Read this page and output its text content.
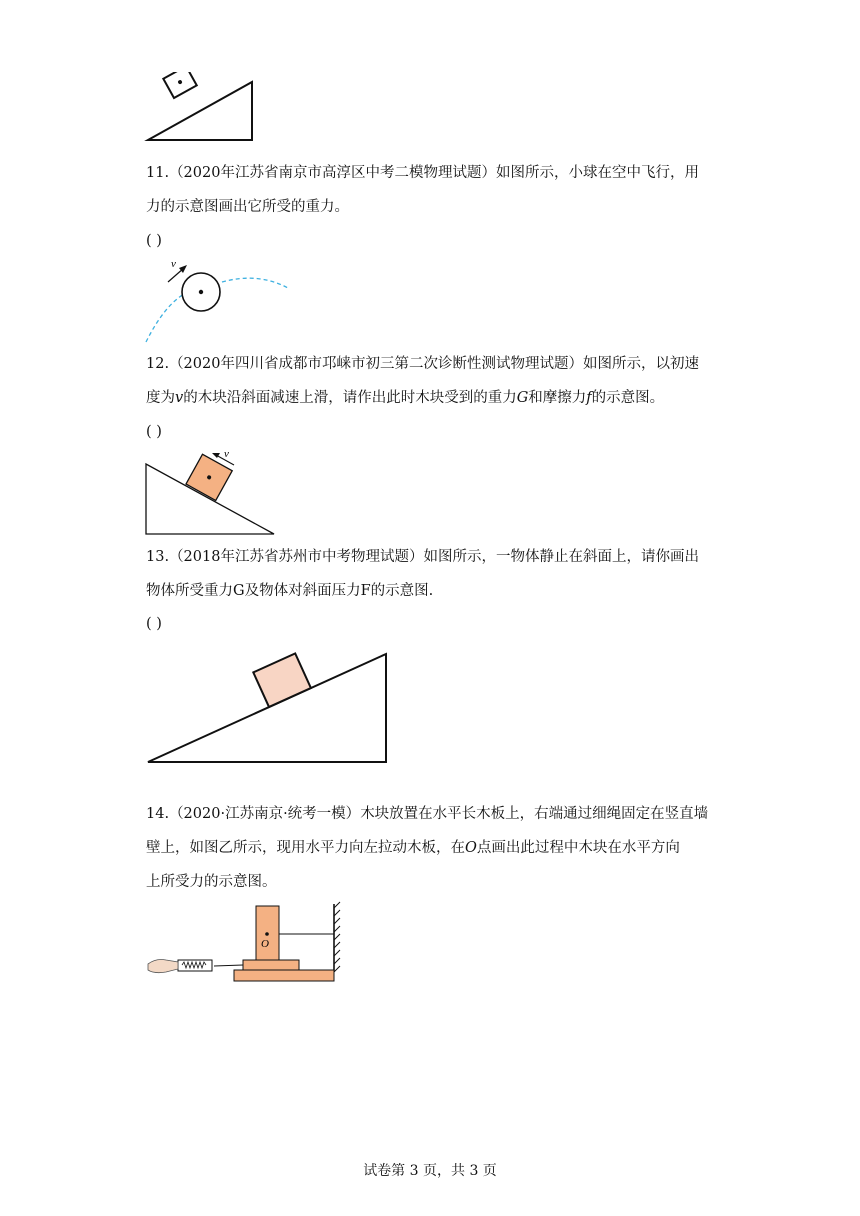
11.（2020年江苏省南京市高淳区中考二模物理试题）如图所示，小球在空中飞行，用

力的示意图画出它所受的重力。

( )
v

12.（2020年四川省成都市邛崃市初三第二次诊断性测试物理试题）如图所示，以初速

度为v的木块沿斜面减速上滑，请作出此时木块受到的重力G和摩擦力f的示意图。

( )
v

13.（2018年江苏省苏州市中考物理试题）如图所示，一物体静止在斜面上，请你画出

物体所受重力G及物体对斜面压力F的示意图.

( )

14.（2020·江苏南京·统考一模）木块放置在水平长木板上，右端通过细绳固定在竖直墙

壁上，如图乙所示，现用水平力向左拉动木板，在O点画出此过程中木块在水平方向

上所受力的示意图。

O
试卷第 3 页，共 3 页
